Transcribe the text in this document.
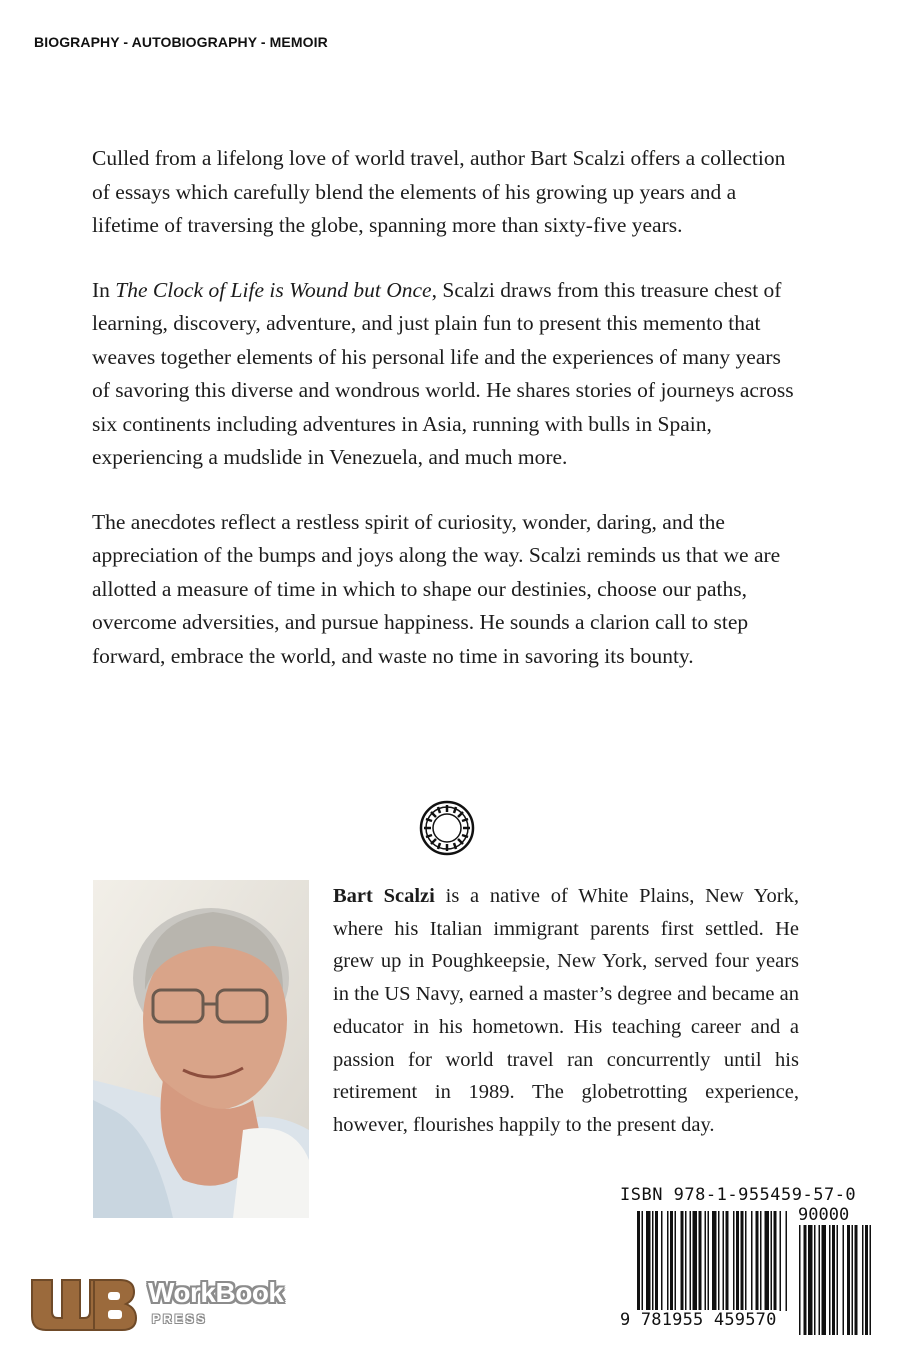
BIOGRAPHY - AUTOBIOGRAPHY - MEMOIR

Culled from a lifelong love of world travel, author Bart Scalzi offers a collection of essays which carefully blend the elements of his growing up years and a lifetime of traversing the globe, spanning more than sixty-five years.

In The Clock of Life is Wound but Once, Scalzi draws from this treasure chest of learning, discovery, adventure, and just plain fun to present this memento that weaves together elements of his personal life and the experiences of many years of savoring this diverse and wondrous world. He shares stories of journeys across six continents including adventures in Asia, running with bulls in Spain, experiencing a mudslide in Venezuela, and much more.

The anecdotes reflect a restless spirit of curiosity, wonder, daring, and the appreciation of the bumps and joys along the way. Scalzi reminds us that we are allotted a measure of time in which to shape our destinies, choose our paths, overcome adversities, and pursue happiness. He sounds a clarion call to step forward, embrace the world, and waste no time in savoring its bounty.

Bart Scalzi is a native of White Plains, New York, where his Italian immigrant parents first settled. He grew up in Poughkeepsie, New York, served four years in the US Navy, earned a master’s degree and became an educator in his hometown. His teaching career and a passion for world travel ran concurrently until his retirement in 1989. The globetrotting experience, however, flourishes happily to the present day.
ISBN 978-1-955459-57-0
90000
9 781955 459570
WorkBook
PRESS
